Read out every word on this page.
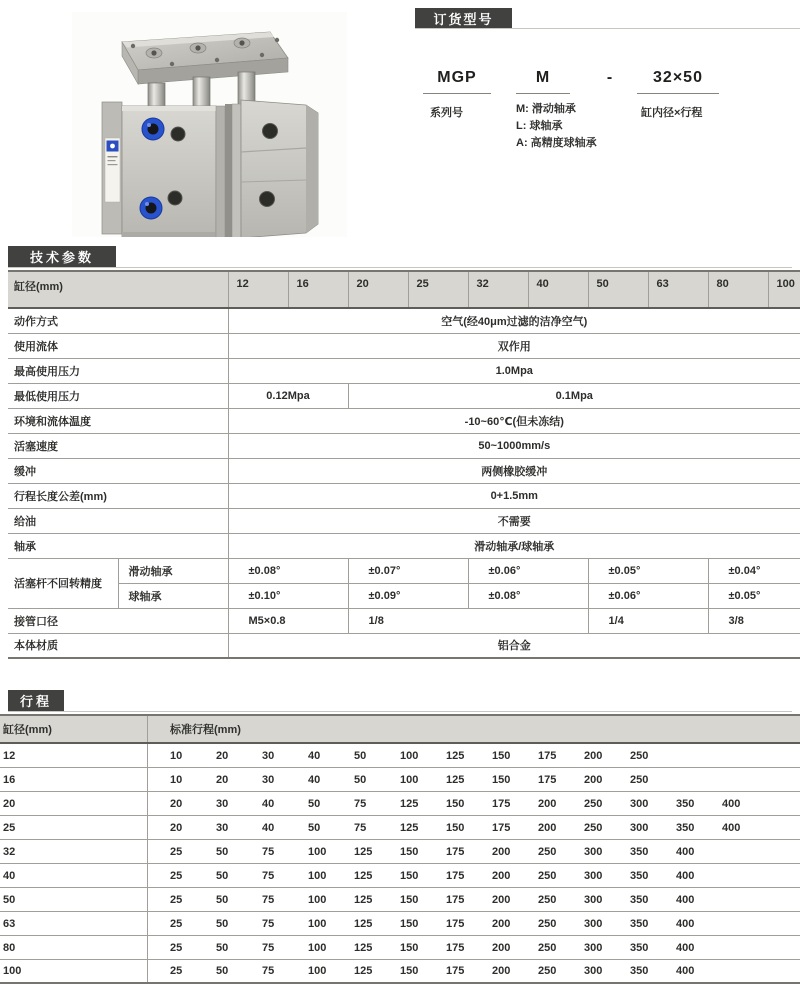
订货型号
MGP	M	-	32×50
系列号	M: 滑动轴承
L: 球轴承
A: 高精度球轴承
缸内径×行程
技术参数
缸径(mm)		12	16	20	25	32	40	50	63	80	100
动作方式		空气(经40μm过滤的洁净空气)									
使用流体		双作用									
最高使用压力		1.0Mpa									
最低使用压力		0.12Mpa		0.1Mpa							
环境和流体温度		-10~60℃(但未冻结)									
活塞速度		50~1000mm/s									
缓冲		两侧橡胶缓冲									
行程长度公差(mm)		0+1.5mm									
给油		不需要									
轴承		滑动轴承/球轴承									
活塞杆不回转精度	滑动轴承	±0.08°		±0.07°		±0.06°		±0.05°		±0.04°	
	球轴承	±0.10°		±0.09°		±0.08°		±0.06°		±0.05°	
接管口径		M5×0.8		1/8				1/4		3/8	
本体材质		铝合金									
行程
缸径(mm)	标准行程(mm)
12	10	20	30	40	50	100	125	150	175	200	250
16	10	20	30	40	50	100	125	150	175	200	250
20	20	30	40	50	75	125	150	175	200	250	300	350	400
25	20	30	40	50	75	125	150	175	200	250	300	350	400
32	25	50	75	100	125	150	175	200	250	300	350	400
40	25	50	75	100	125	150	175	200	250	300	350	400
50	25	50	75	100	125	150	175	200	250	300	350	400
63	25	50	75	100	125	150	175	200	250	300	350	400
80	25	50	75	100	125	150	175	200	250	300	350	400
100	25	50	75	100	125	150	175	200	250	300	350	400
